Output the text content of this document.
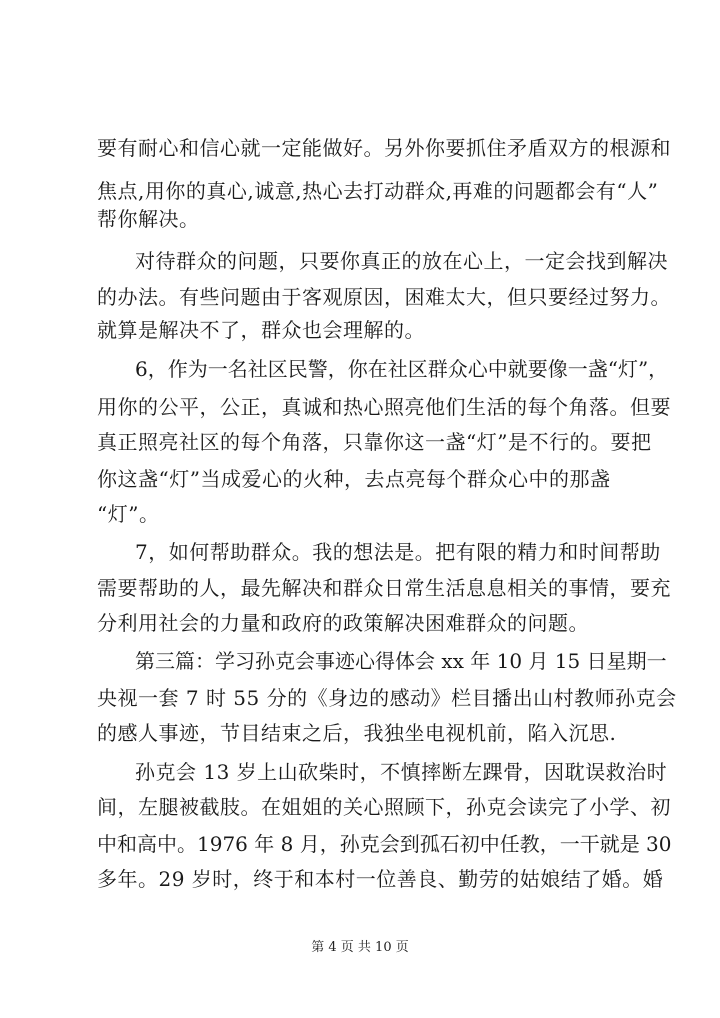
要有耐心和信心就一定能做好。另外你要抓住矛盾双方的根源和
焦点,用你的真心,诚意,热心去打动群众,再难的问题都会有“人”
帮你解决。
对待群众的问题，只要你真正的放在心上，一定会找到解决
的办法。有些问题由于客观原因，困难太大，但只要经过努力。
就算是解决不了，群众也会理解的。
6，作为一名社区民警，你在社区群众心中就要像一盏“灯”，
用你的公平，公正，真诚和热心照亮他们生活的每个角落。但要
真正照亮社区的每个角落，只靠你这一盏“灯”是不行的。要把
你这盏“灯”当成爱心的火种，去点亮每个群众心中的那盏
“灯”。
7，如何帮助群众。我的想法是。把有限的精力和时间帮助
需要帮助的人，最先解决和群众日常生活息息相关的事情，要充
分利用社会的力量和政府的政策解决困难群众的问题。
第三篇：学习孙克会事迹心得体会 xx 年 10 月 15 日星期一
央视一套 7 时 55 分的《身边的感动》栏目播出山村教师孙克会
的感人事迹，节目结束之后，我独坐电视机前，陷入沉思.
孙克会 13 岁上山砍柴时，不慎摔断左踝骨，因耽误救治时
间，左腿被截肢。在姐姐的关心照顾下，孙克会读完了小学、初
中和高中。1976 年 8 月，孙克会到孤石初中任教，一干就是 30
多年。29 岁时，终于和本村一位善良、勤劳的姑娘结了婚。婚
第 4 页 共 10 页
